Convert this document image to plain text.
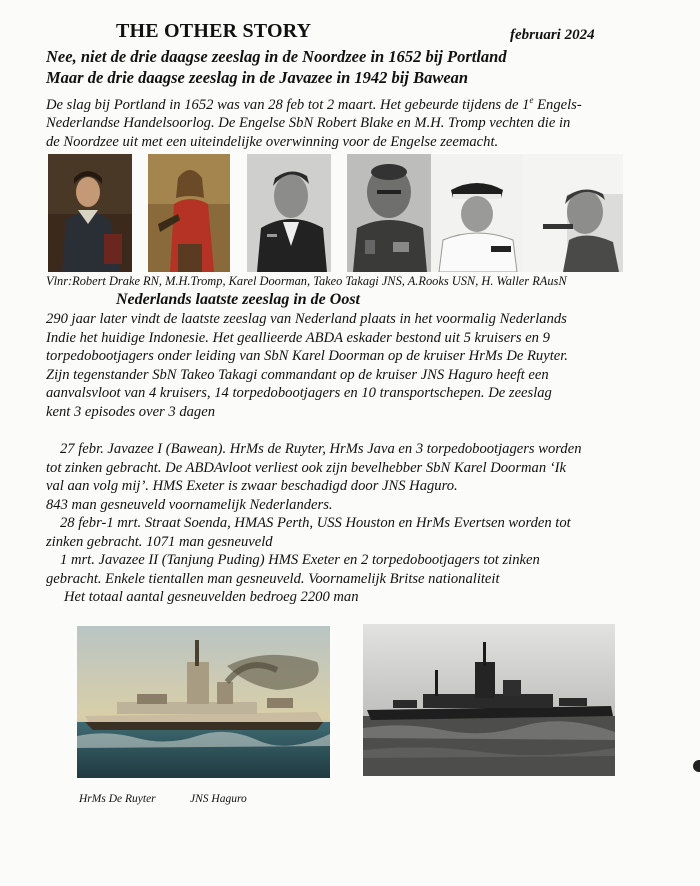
THE OTHER STORY	februari 2024
Nee, niet de drie daagse zeeslag in de Noordzee in 1652 bij Portland
Maar de drie daagse zeeslag in de Javazee in 1942 bij Bawean

De slag bij Portland in 1652 was van 28 feb tot 2 maart. Het gebeurde tijdens de 1e Engels-

Nederlandse Handelsoorlog. De Engelse SbN Robert Blake en M.H. Tromp vechten die in

de Noordzee uit met een uiteindelijke overwinning voor de Engelse zeemacht.

Vlnr:Robert Drake RN, M.H.Tromp, Karel Doorman, Takeo Takagi JNS, A.Rooks USN, H. Waller RAusN
Nederlands laatste zeeslag in de Oost

290 jaar later vindt de laatste zeeslag van Nederland plaats in het voormalig Nederlands

Indie het huidige Indonesie. Het geallieerde ABDA eskader bestond uit 5 kruisers en 9

torpedobootjagers onder leiding van SbN Karel Doorman op de kruiser HrMs De Ruyter.

Zijn tegenstander SbN Takeo Takagi commandant op de kruiser JNS Haguro heeft een

aanvalsvloot van 4 kruisers, 14 torpedobootjagers en 10 transportschepen. De zeeslag

kent 3 episodes over 3 dagen

27 febr. Javazee I (Bawean). HrMs de Ruyter, HrMs Java en 3 torpedobootjagers worden

tot zinken gebracht. De ABDAvloot verliest ook zijn bevelhebber SbN Karel Doorman ‘Ik

val aan volg mij’. HMS Exeter is zwaar beschadigd door JNS Haguro.

843 man gesneuveld voornamelijk Nederlanders.

28 febr-1 mrt. Straat Soenda, HMAS Perth, USS Houston en HrMs Evertsen worden tot

zinken gebracht. 1071 man gesneuveld

1 mrt. Javazee II (Tanjung Puding) HMS Exeter en 2 torpedobootjagers tot zinken

gebracht. Enkele tientallen man gesneuveld. Voornamelijk Britse nationaliteit

Het totaal aantal gesneuvelden bedroeg 2200 man

HrMs De Ruyter	JNS Haguro
